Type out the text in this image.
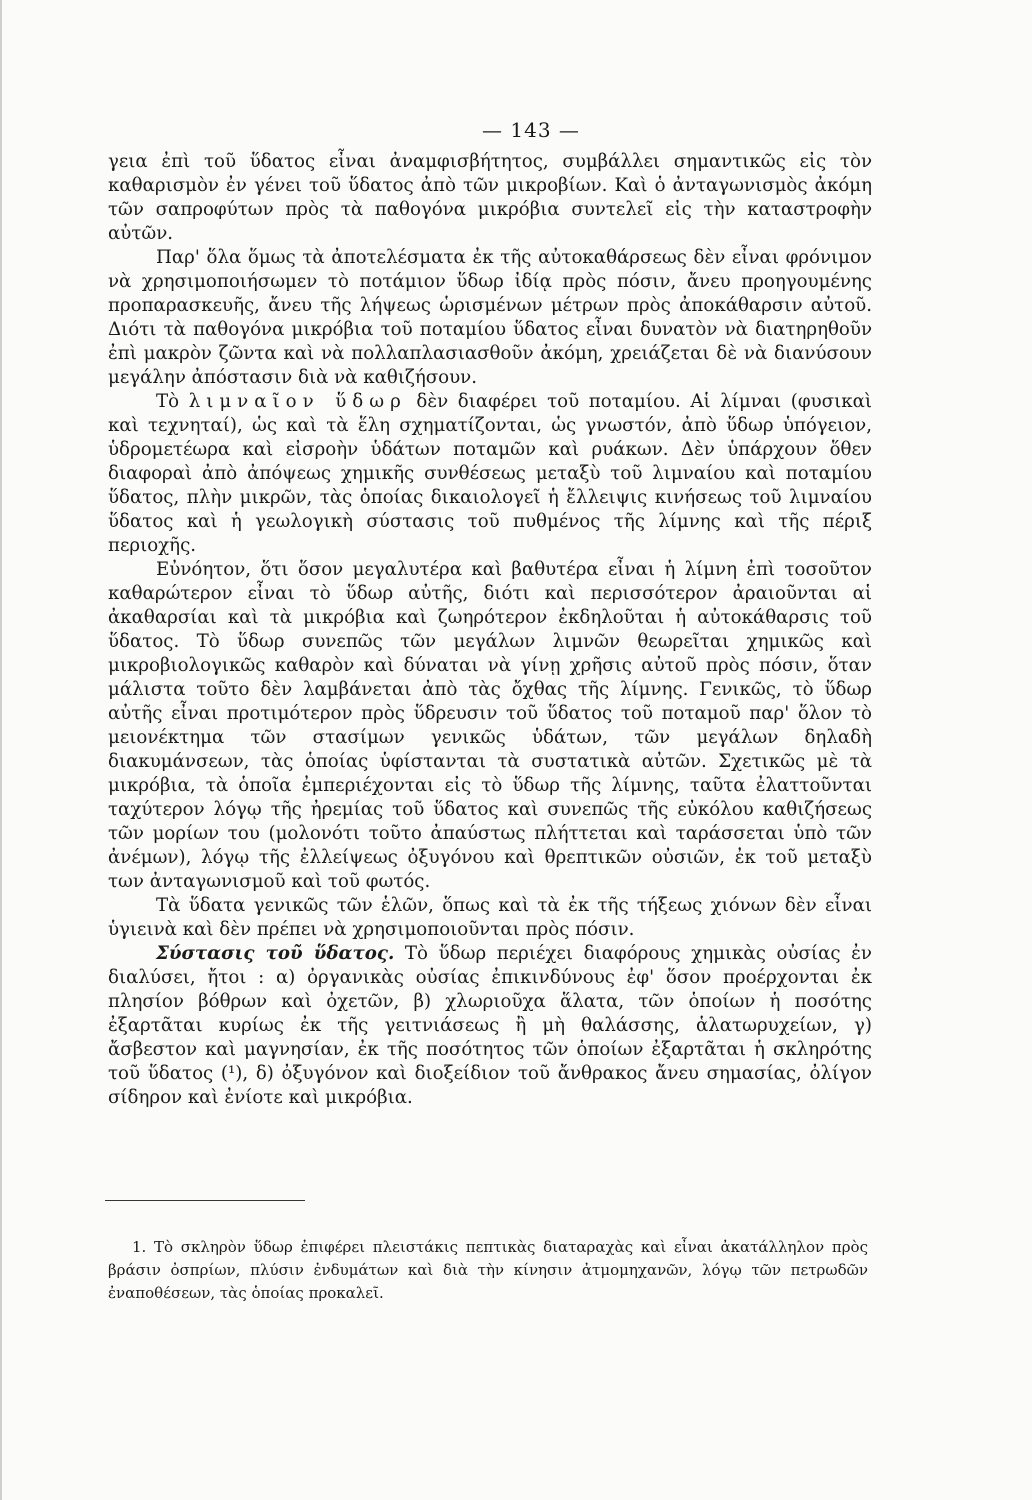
— 143 —

γεια ἐπὶ τοῦ ὕδατος εἶναι ἀναμφισβήτητος, συμβάλλει σημαντικῶς εἰς τὸν καθαρισμὸν ἐν γένει τοῦ ὕδατος ἀπὸ τῶν μικροβίων. Καὶ ὁ ἀνταγωνισμὸς ἀκόμη τῶν σαπροφύτων πρὸς τὰ παθογόνα μικρόβια συντελεῖ εἰς τὴν καταστροφὴν αὐτῶν.

Παρ' ὅλα ὅμως τὰ ἀποτελέσματα ἐκ τῆς αὐτοκαθάρσεως δὲν εἶναι φρόνιμον νὰ χρησιμοποιήσωμεν τὸ ποτάμιον ὕδωρ ἰδίᾳ πρὸς πόσιν, ἄνευ προηγουμένης προπαρασκευῆς, ἄνευ τῆς λήψεως ὡρισμένων μέτρων πρὸς ἀποκάθαρσιν αὐτοῦ. Διότι τὰ παθογόνα μικρόβια τοῦ ποταμίου ὕδατος εἶναι δυνατὸν νὰ διατηρηθοῦν ἐπὶ μακρὸν ζῶντα καὶ νὰ πολλαπλασιασθοῦν ἀκόμη, χρειάζεται δὲ νὰ διανύσουν μεγάλην ἀπόστασιν διὰ νὰ καθιζήσουν.

Τὸ λιμναῖον ὕδωρ δὲν διαφέρει τοῦ ποταμίου. Αἱ λίμναι (φυσικαὶ καὶ τεχνηταί), ὡς καὶ τὰ ἕλη σχηματίζονται, ὡς γνωστόν, ἀπὸ ὕδωρ ὑπόγειον, ὑδρομετέωρα καὶ εἰσροὴν ὑδάτων ποταμῶν καὶ ρυάκων. Δὲν ὑπάρχουν ὅθεν διαφοραὶ ἀπὸ ἀπόψεως χημικῆς συνθέσεως μεταξὺ τοῦ λιμναίου καὶ ποταμίου ὕδατος, πλὴν μικρῶν, τὰς ὁποίας δικαιολογεῖ ἡ ἔλλειψις κινήσεως τοῦ λιμναίου ὕδατος καὶ ἡ γεωλογικὴ σύστασις τοῦ πυθμένος τῆς λίμνης καὶ τῆς πέριξ περιοχῆς.

Εὐνόητον, ὅτι ὅσον μεγαλυτέρα καὶ βαθυτέρα εἶναι ἡ λίμνη ἐπὶ τοσοῦτον καθαρώτερον εἶναι τὸ ὕδωρ αὐτῆς, διότι καὶ περισσότερον ἀραιοῦνται αἱ ἀκαθαρσίαι καὶ τὰ μικρόβια καὶ ζωηρότερον ἐκδηλοῦται ἡ αὐτοκάθαρσις τοῦ ὕδατος. Τὸ ὕδωρ συνεπῶς τῶν μεγάλων λιμνῶν θεωρεῖται χημικῶς καὶ μικροβιολογικῶς καθαρὸν καὶ δύναται νὰ γίνῃ χρῆσις αὐτοῦ πρὸς πόσιν, ὅταν μάλιστα τοῦτο δὲν λαμβάνεται ἀπὸ τὰς ὄχθας τῆς λίμνης. Γενικῶς, τὸ ὕδωρ αὐτῆς εἶναι προτιμότερον πρὸς ὕδρευσιν τοῦ ὕδατος τοῦ ποταμοῦ παρ' ὅλον τὸ μειονέκτημα τῶν στασίμων γενικῶς ὑδάτων, τῶν μεγάλων δηλαδὴ διακυμάνσεων, τὰς ὁποίας ὑφίστανται τὰ συστατικὰ αὐτῶν. Σχετικῶς μὲ τὰ μικρόβια, τὰ ὁποῖα ἐμπεριέχονται εἰς τὸ ὕδωρ τῆς λίμνης, ταῦτα ἐλαττοῦνται ταχύτερον λόγῳ τῆς ἠρεμίας τοῦ ὕδατος καὶ συνεπῶς τῆς εὐκόλου καθιζήσεως τῶν μορίων του (μολονότι τοῦτο ἀπαύστως πλήττεται καὶ ταράσσεται ὑπὸ τῶν ἀνέμων), λόγῳ τῆς ἐλλείψεως ὀξυγόνου καὶ θρεπτικῶν οὐσιῶν, ἐκ τοῦ μεταξὺ των ἀνταγωνισμοῦ καὶ τοῦ φωτός.

Τὰ ὕδατα γενικῶς τῶν ἑλῶν, ὅπως καὶ τὰ ἐκ τῆς τήξεως χιόνων δὲν εἶναι ὑγιεινὰ καὶ δὲν πρέπει νὰ χρησιμοποιοῦνται πρὸς πόσιν.

Σύστασις τοῦ ὕδατος. Τὸ ὕδωρ περιέχει διαφόρους χημικὰς οὐσίας ἐν διαλύσει, ἤτοι : α) ὀργανικὰς οὐσίας ἐπικινδύνους ἐφ' ὅσον προέρχονται ἐκ πλησίον βόθρων καὶ ὀχετῶν, β) χλωριοῦχα ἅλατα, τῶν ὁποίων ἡ ποσότης ἐξαρτᾶται κυρίως ἐκ τῆς γειτνιάσεως ἢ μὴ θαλάσσης, ἁλατωρυχείων, γ) ἄσβεστον καὶ μαγνησίαν, ἐκ τῆς ποσότητος τῶν ὁποίων ἐξαρτᾶται ἡ σκληρότης τοῦ ὕδατος (¹), δ) ὀξυγόνον καὶ διοξείδιον τοῦ ἄνθρακος ἄνευ σημασίας, ὀλίγον σίδηρον καὶ ἐνίοτε καὶ μικρόβια.

1. Τὸ σκληρὸν ὕδωρ ἐπιφέρει πλειστάκις πεπτικὰς διαταραχὰς καὶ εἶναι ἀκατάλληλον πρὸς βράσιν ὀσπρίων, πλύσιν ἐνδυμάτων καὶ διὰ τὴν κίνησιν ἀτμομηχανῶν, λόγῳ τῶν πετρωδῶν ἐναποθέσεων, τὰς ὁποίας προκαλεῖ.
